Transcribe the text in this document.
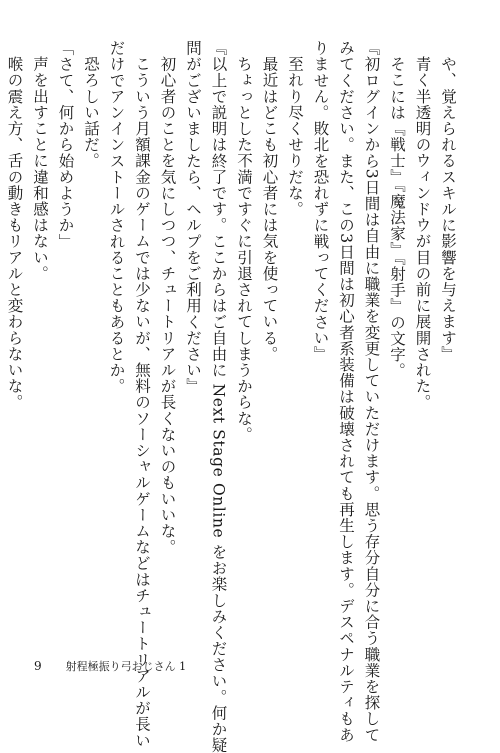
や、覚えられるスキルに影響を与えます』
青く半透明のウィンドウが目の前に展開された。
そこには『戦士』『魔法家』『射手』の文字。
『初ログインから3日間は自由に職業を変更していただけます。思う存分自分に合う職業を探して
みてください。また、この3日間は初心者系装備は破壊されても再生します。デスペナルティもあ
りません。敗北を恐れずに戦ってください』
至れり尽くせりだな。
最近はどこも初心者には気を使っている。
ちょっとした不満ですぐに引退されてしまうからな。
『以上で説明は終了です。ここからはご自由に Next Stage Online をお楽しみください。何か疑
問がございましたら、ヘルプをご利用ください』
初心者のことを気にしつつ、チュートリアルが長くないのもいいな。
こういう月額課金のゲームでは少ないが、無料のソーシャルゲームなどはチュートリアルが長い
だけでアンインストールされることもあるとか。
恐ろしい話だ。
「さて、何から始めようか」
声を出すことに違和感はない。
喉の震え方、舌の動きもリアルと変わらないな。
9 射程極振り弓おじさん 1
